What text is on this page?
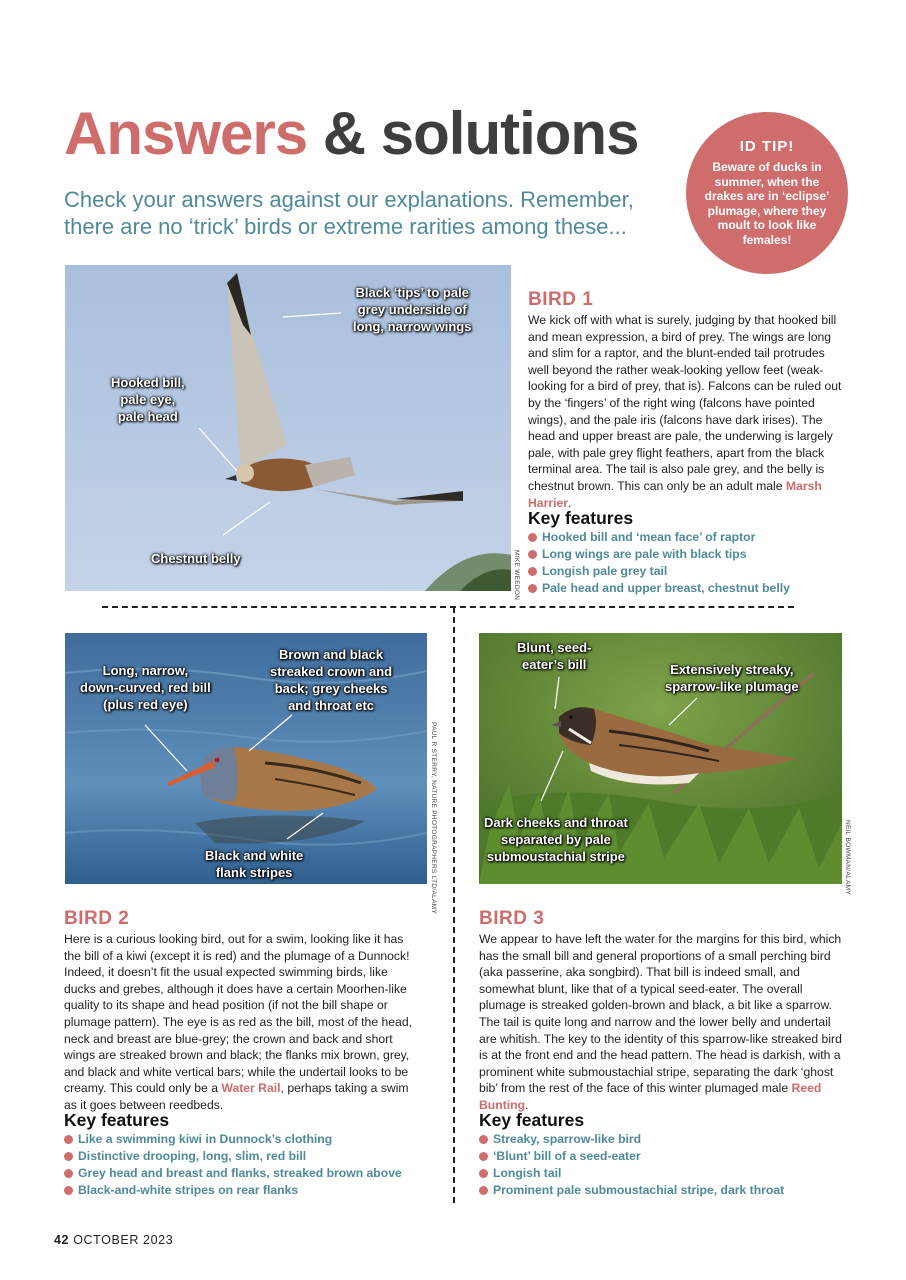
Answers & solutions

Check your answers against our explanations. Remember, there are no ‘trick’ birds or extreme rarities among these...

ID TIP!
Beware of ducks in summer, when the drakes are in ‘eclipse’ plumage, where they moult to look like females!
Black ‘tips’ to pale
grey underside of
long, narrow wings
Hooked bill,
pale eye,
pale head
Chestnut belly	MIKE WEEDON
BIRD 1

We kick off with what is surely, judging by that hooked bill and mean expression, a bird of prey. The wings are long and slim for a raptor, and the blunt-ended tail protrudes well beyond the rather weak-looking yellow feet (weak-looking for a bird of prey, that is). Falcons can be ruled out by the ‘fingers’ of the right wing (falcons have pointed wings), and the pale iris (falcons have dark irises). The head and upper breast are pale, the underwing is largely pale, with pale grey flight feathers, apart from the black terminal area. The tail is also pale grey, and the belly is chestnut brown. This can only be an adult male Marsh Harrier.

Key features
Hooked bill and ‘mean face’ of raptor
Long wings are pale with black tips
Longish pale grey tail
Pale head and upper breast, chestnut belly
Long, narrow,
down-curved, red bill
(plus red eye)
Brown and black
streaked crown and
back; grey cheeks
and throat etc
Black and white
flank stripes	PAUL R STERRY, NATURE PHOTOGRAPHERS LTD/ALAMY
Blunt, seed-
eater’s bill	Extensively streaky,
sparrow-like plumage
Dark cheeks and throat
separated by pale
submoustachial stripe	NEIL BOWMAN/ALAMY
BIRD 2

Here is a curious looking bird, out for a swim, looking like it has the bill of a kiwi (except it is red) and the plumage of a Dunnock! Indeed, it doesn’t fit the usual expected swimming birds, like ducks and grebes, although it does have a certain Moorhen-like quality to its shape and head position (if not the bill shape or plumage pattern). The eye is as red as the bill, most of the head, neck and breast are blue-grey; the crown and back and short wings are streaked brown and black; the flanks mix brown, grey, and black and white vertical bars; while the undertail looks to be creamy. This could only be a Water Rail, perhaps taking a swim as it goes between reedbeds.

Key features
Like a swimming kiwi in Dunnock’s clothing
Distinctive drooping, long, slim, red bill
Grey head and breast and flanks, streaked brown above
Black-and-white stripes on rear flanks
BIRD 3

We appear to have left the water for the margins for this bird, which has the small bill and general proportions of a small perching bird (aka passerine, aka songbird). That bill is indeed small, and somewhat blunt, like that of a typical seed-eater. The overall plumage is streaked golden-brown and black, a bit like a sparrow. The tail is quite long and narrow and the lower belly and undertail are whitish. The key to the identity of this sparrow-like streaked bird is at the front end and the head pattern. The head is darkish, with a prominent white submoustachial stripe, separating the dark ‘ghost bib’ from the rest of the face of this winter plumaged male Reed Bunting.

Key features
Streaky, sparrow-like bird
‘Blunt’ bill of a seed-eater
Longish tail
Prominent pale submoustachial stripe, dark throat
42 OCTOBER 2023
